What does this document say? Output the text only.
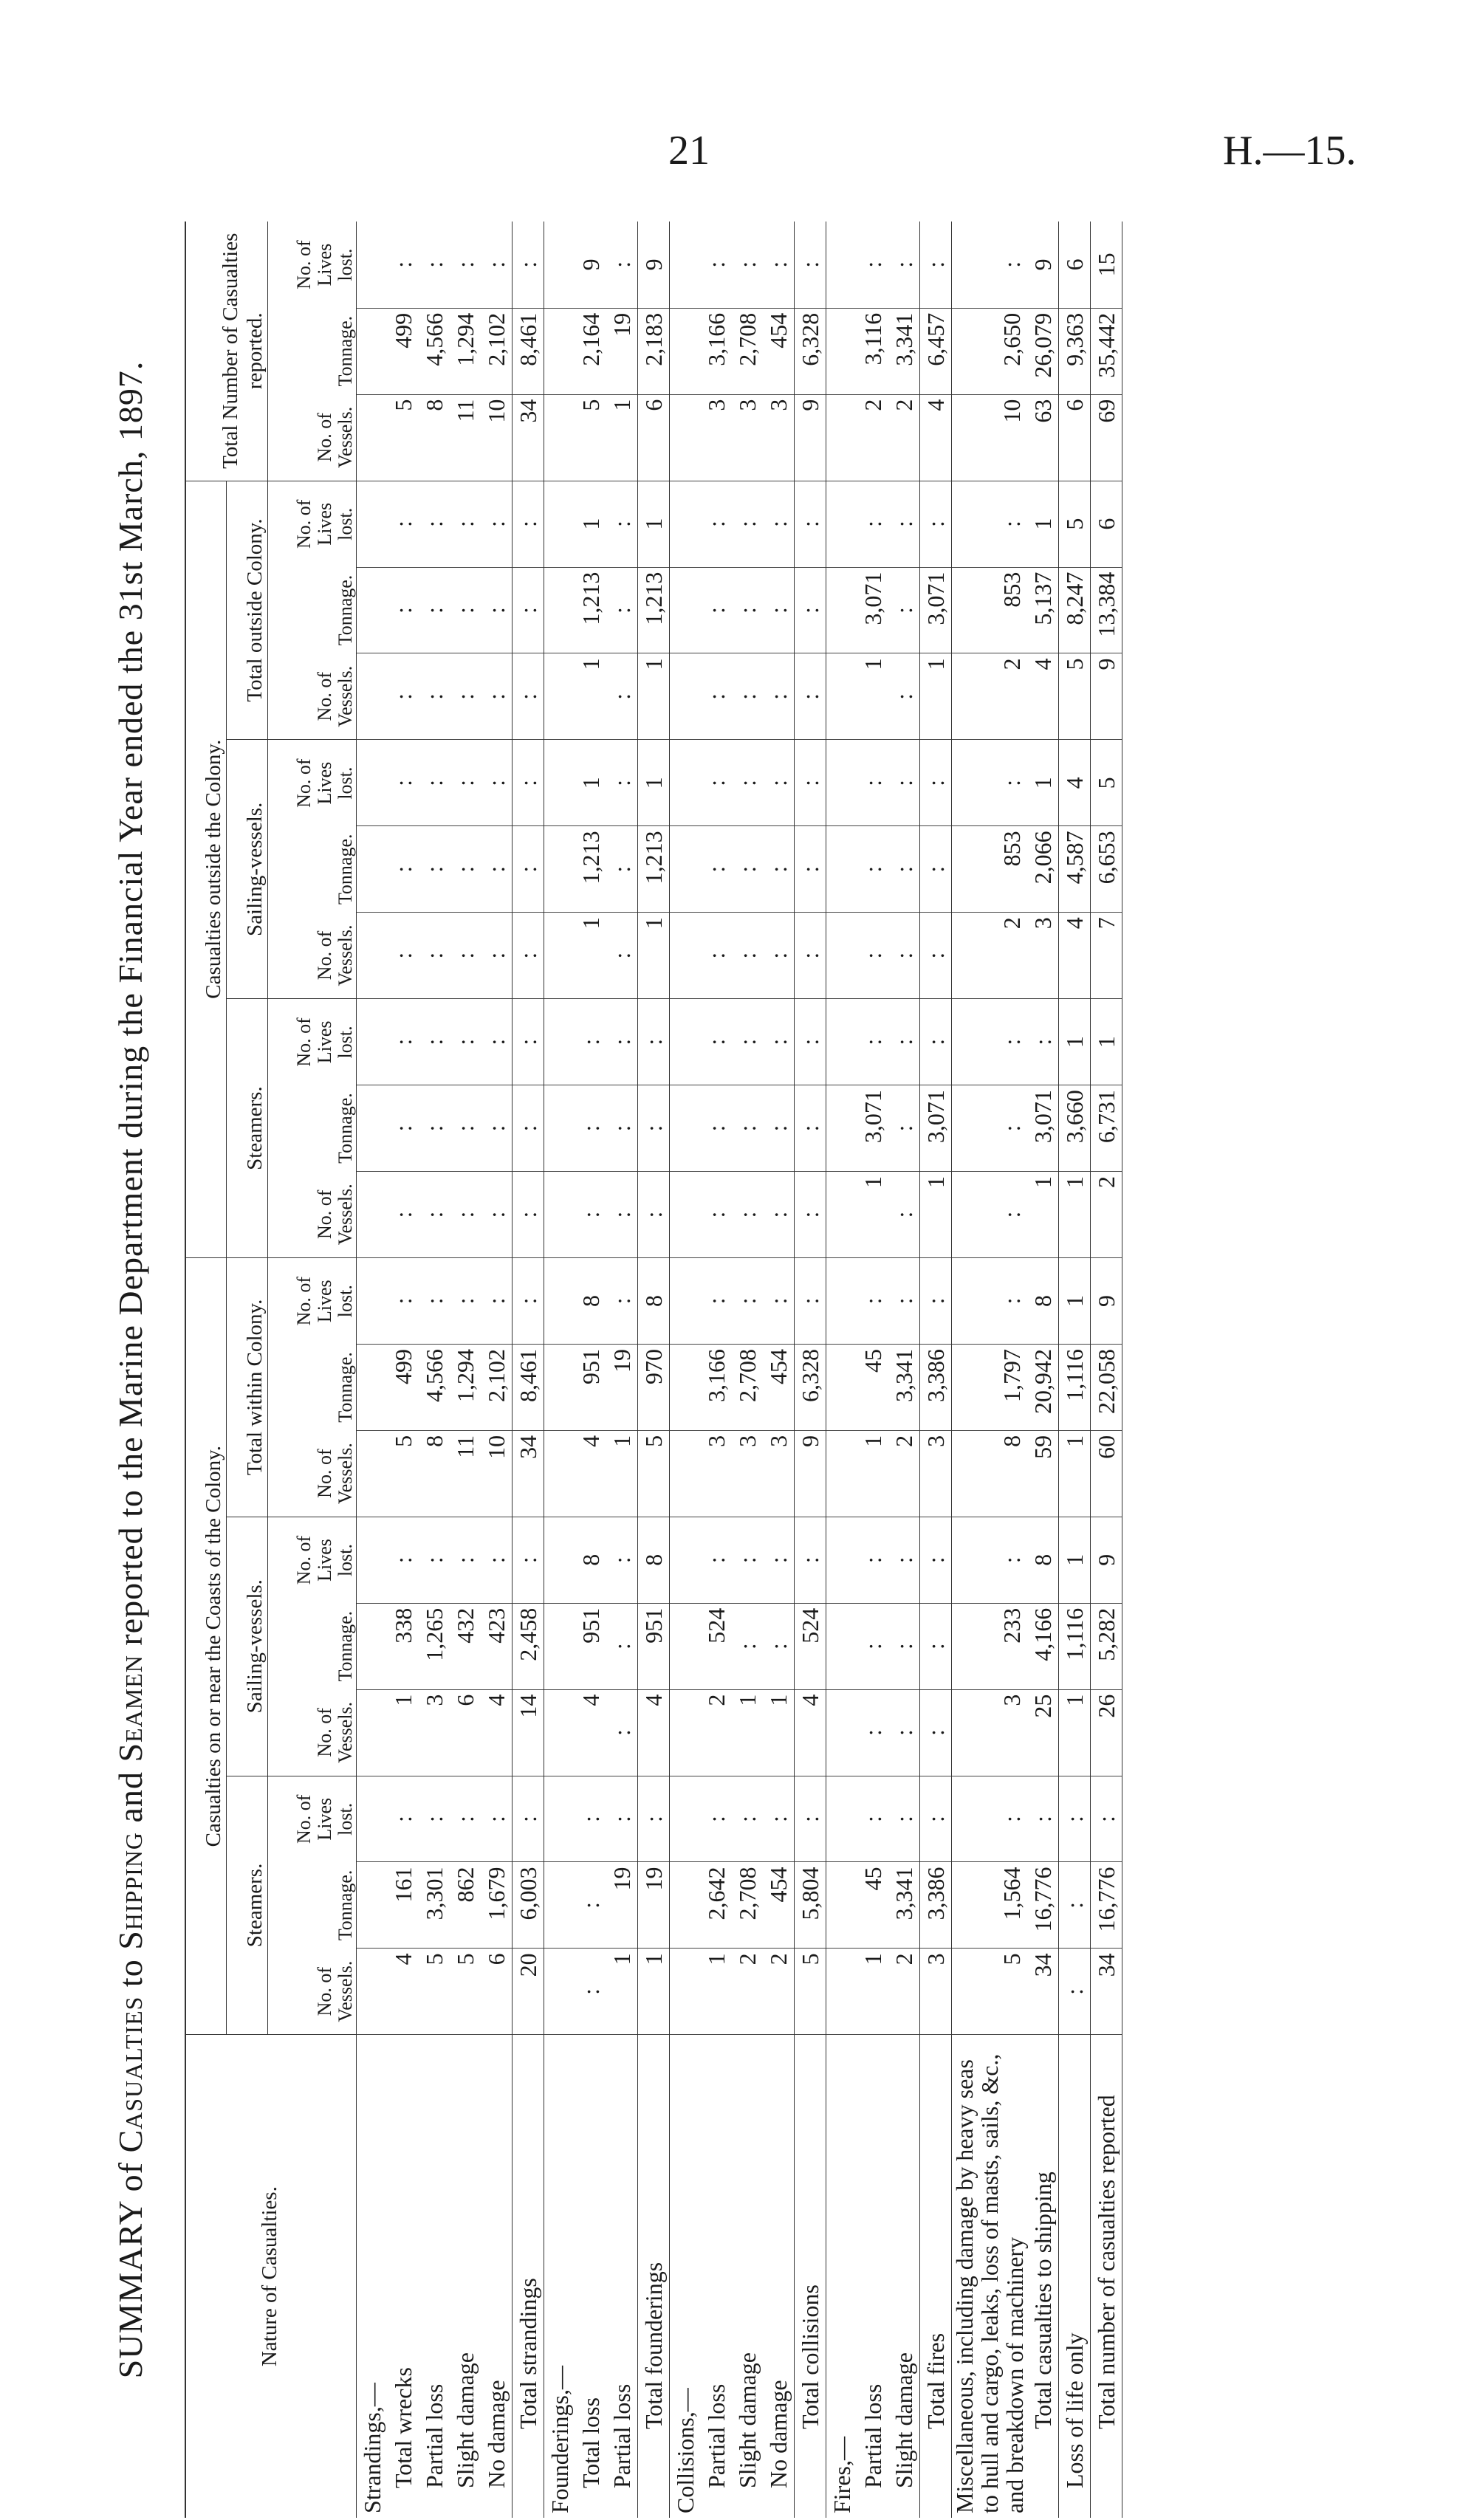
21	H.—15.
SUMMARY of Casualties to Shipping and Seamen reported to the Marine Department during the Financial Year ended the 31st March, 1897.
Nature of Casualties.	Casualties on or near the Coasts of the Colony.									Casualties outside the Colony.									Total Number of Casualties reported.		
	Steamers.			Sailing-vessels.			Total within Colony.			Steamers.			Sailing-vessels.			Total outside Colony.					
	No. of Vessels.	Tonnage.	No. of Lives lost.	No. of Vessels.	Tonnage.	No. of Lives lost.	No. of Vessels.	Tonnage.	No. of Lives lost.	No. of Vessels.	Tonnage.	No. of Lives lost.	No. of Vessels.	Tonnage.	No. of Lives lost.	No. of Vessels.	Tonnage.	No. of Lives lost.	No. of Vessels.	Tonnage.	No. of Lives lost.
Strandings,—																					
Total wrecks	4	161	:	1	338	:	5	499	:	:	:	:	:	:	:	:	:	:	5	499	:
Partial loss	5	3,301	:	3	1,265	:	8	4,566	:	:	:	:	:	:	:	:	:	:	8	4,566	:
Slight damage	5	862	:	6	432	:	11	1,294	:	:	:	:	:	:	:	:	:	:	11	1,294	:
No damage	6	1,679	:	4	423	:	10	2,102	:	:	:	:	:	:	:	:	:	:	10	2,102	:
Total strandings	20	6,003	:	14	2,458	:	34	8,461	:	:	:	:	:	:	:	:	:	:	34	8,461	:
Founderings,—																					
Total loss	:	:	:	4	951	8	4	951	8	:	:	:	1	1,213	1	1	1,213	1	5	2,164	9
Partial loss	1	19	:	:	:	:	1	19	:	:	:	:	:	:	:	:	:	:	1	19	:
Total founderings	1	19	:	4	951	8	5	970	8	:	:	:	1	1,213	1	1	1,213	1	6	2,183	9
Collisions,—																					
Partial loss	1	2,642	:	2	524	:	3	3,166	:	:	:	:	:	:	:	:	:	:	3	3,166	:
Slight damage	2	2,708	:	1	:	:	3	2,708	:	:	:	:	:	:	:	:	:	:	3	2,708	:
No damage	2	454	:	1	:	:	3	454	:	:	:	:	:	:	:	:	:	:	3	454	:
Total collisions	5	5,804	:	4	524	:	9	6,328	:	:	:	:	:	:	:	:	:	:	9	6,328	:
Fires,—																					
Partial loss	1	45	:	:	:	:	1	45	:	1	3,071	:	:	:	:	1	3,071	:	2	3,116	:
Slight damage	2	3,341	:	:	:	:	2	3,341	:	:	:	:	:	:	:	:	:	:	2	3,341	:
Total fires	3	3,386	:	:	:	:	3	3,386	:	1	3,071	:	:	:	:	1	3,071	:	4	6,457	:
Miscellaneous, including damage by heavy seas to hull and cargo, leaks, loss of masts, sails, &c., and breakdown of machinery	5	1,564	:	3	233	:	8	1,797	:	:	:	:	2	853	:	2	853	:	10	2,650	:
Total casualties to shipping	34	16,776	:	25	4,166	8	59	20,942	8	1	3,071	:	3	2,066	1	4	5,137	1	63	26,079	9
Loss of life only	:	:	:	1	1,116	1	1	1,116	1	1	3,660	1	4	4,587	4	5	8,247	5	6	9,363	6
Total number of casualties reported	34	16,776	:	26	5,282	9	60	22,058	9	2	6,731	1	7	6,653	5	9	13,384	6	69	35,442	15
